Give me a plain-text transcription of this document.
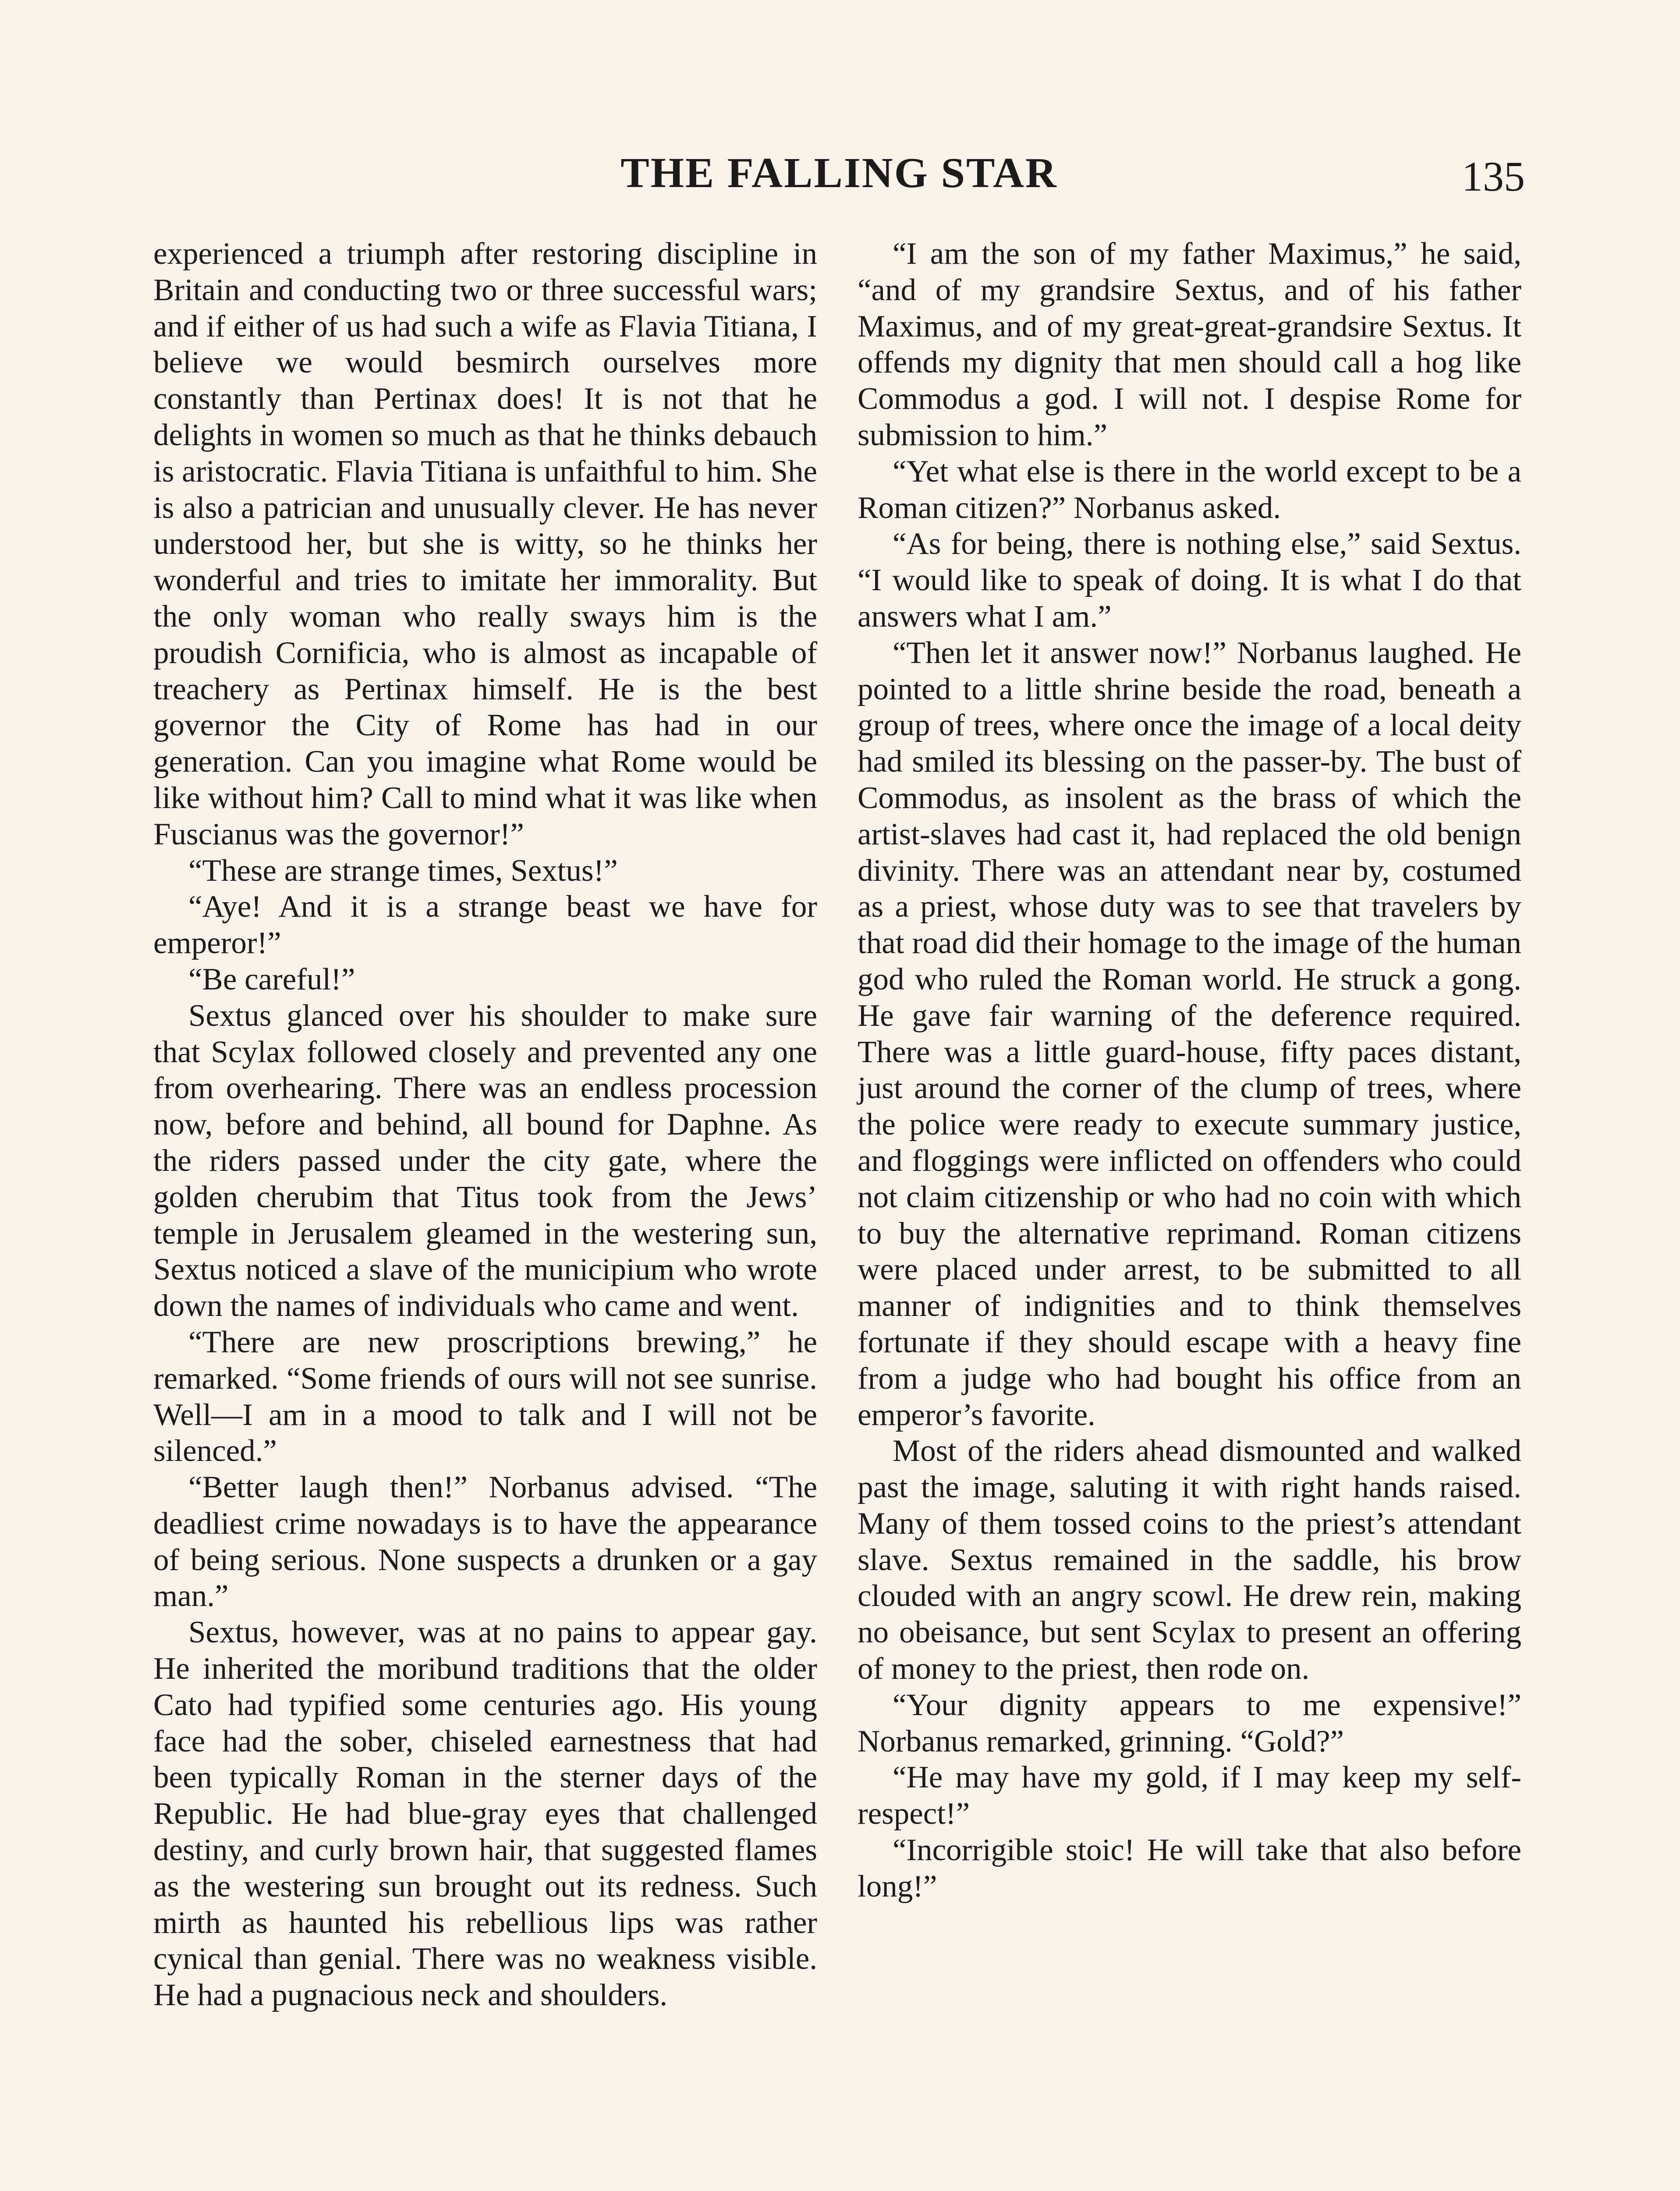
THE FALLING STAR	135

experienced a triumph after restoring discipline in Britain and conducting two or three successful wars; and if either of us had such a wife as Flavia Titiana, I believe we would besmirch ourselves more constantly than Pertinax does! It is not that he delights in women so much as that he thinks debauch is aristocratic. Flavia Titiana is unfaithful to him. She is also a patrician and unusually clever. He has never understood her, but she is witty, so he thinks her wonderful and tries to imitate her immorality. But the only woman who really sways him is the proudish Cornificia, who is almost as incapable of treachery as Pertinax himself. He is the best governor the City of Rome has had in our generation. Can you imagine what Rome would be like without him? Call to mind what it was like when Fuscianus was the governor!”

“These are strange times, Sextus!”

“Aye! And it is a strange beast we have for emperor!”

“Be careful!”

Sextus glanced over his shoulder to make sure that Scylax followed closely and prevented any one from overhearing. There was an endless procession now, before and behind, all bound for Daphne. As the riders passed under the city gate, where the golden cherubim that Titus took from the Jews’ temple in Jerusalem gleamed in the westering sun, Sextus noticed a slave of the municipium who wrote down the names of individuals who came and went.

“There are new proscriptions brewing,” he remarked. “Some friends of ours will not see sunrise. Well—I am in a mood to talk and I will not be silenced.”

“Better laugh then!” Norbanus advised. “The deadliest crime nowadays is to have the appearance of being serious. None suspects a drunken or a gay man.”

Sextus, however, was at no pains to appear gay. He inherited the moribund traditions that the older Cato had typified some centuries ago. His young face had the sober, chiseled earnestness that had been typically Roman in the sterner days of the Republic. He had blue-gray eyes that challenged destiny, and curly brown hair, that suggested flames as the westering sun brought out its redness. Such mirth as haunted his rebellious lips was rather cynical than genial. There was no weakness visible. He had a pugnacious neck and shoulders.

“I am the son of my father Maximus,” he said, “and of my grandsire Sextus, and of his father Maximus, and of my great-great-grandsire Sextus. It offends my dignity that men should call a hog like Commodus a god. I will not. I despise Rome for submission to him.”

“Yet what else is there in the world except to be a Roman citizen?” Norbanus asked.

“As for being, there is nothing else,” said Sextus. “I would like to speak of doing. It is what I do that answers what I am.”

“Then let it answer now!” Norbanus laughed. He pointed to a little shrine beside the road, beneath a group of trees, where once the image of a local deity had smiled its blessing on the passer-by. The bust of Commodus, as insolent as the brass of which the artist-slaves had cast it, had replaced the old benign divinity. There was an attendant near by, costumed as a priest, whose duty was to see that travelers by that road did their homage to the image of the human god who ruled the Roman world. He struck a gong. He gave fair warning of the deference required. There was a little guard-house, fifty paces distant, just around the corner of the clump of trees, where the police were ready to execute summary justice, and floggings were inflicted on offenders who could not claim citizenship or who had no coin with which to buy the alternative reprimand. Roman citizens were placed under arrest, to be submitted to all manner of indignities and to think themselves fortunate if they should escape with a heavy fine from a judge who had bought his office from an emperor’s favorite.

Most of the riders ahead dismounted and walked past the image, saluting it with right hands raised. Many of them tossed coins to the priest’s attendant slave. Sextus remained in the saddle, his brow clouded with an angry scowl. He drew rein, making no obeisance, but sent Scylax to present an offering of money to the priest, then rode on.

“Your dignity appears to me expensive!” Norbanus remarked, grinning. “Gold?”

“He may have my gold, if I may keep my self-respect!”

“Incorrigible stoic! He will take that also before long!”
